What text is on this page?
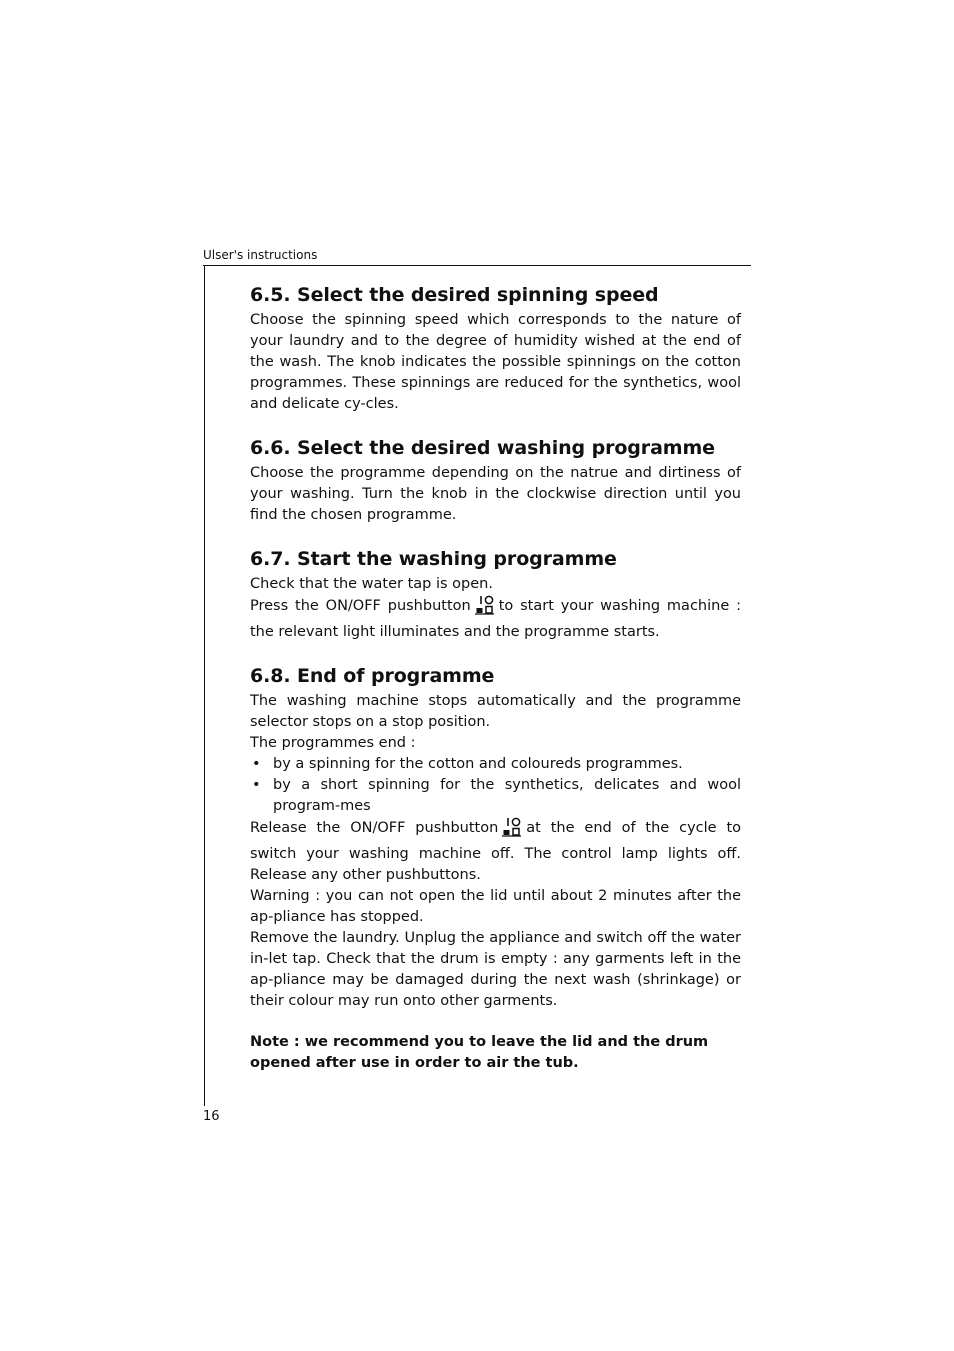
Ulser's instructions
6.5. Select the desired spinning speed

Choose the spinning speed which corresponds to the nature of your laundry and to the degree of humidity wished at the end of the wash. The knob indicates the possible spinnings on the cotton programmes. These spinnings are reduced for the synthetics, wool and delicate cy-cles.

6.6. Select the desired washing programme

Choose the programme depending on the natrue and dirtiness of your washing. Turn the knob in the clockwise direction until you find the chosen programme.

6.7. Start the washing programme

Check that the water tap is open.

Press the ON/OFF pushbutton to start your washing machine : the relevant light illuminates and the programme starts.

6.8. End of programme

The washing machine stops automatically and the programme selector stops on a stop position.

The programmes end :

• by a spinning for the cotton and coloureds programmes.
• by a short spinning for the synthetics, delicates and wool program-mes

Release the ON/OFF pushbutton at the end of the cycle to switch your washing machine off. The control lamp lights off. Release any other pushbuttons.

Warning : you can not open the lid until about 2 minutes after the ap-pliance has stopped.

Remove the laundry. Unplug the appliance and switch off the water in-let tap. Check that the drum is empty : any garments left in the ap-pliance may be damaged during the next wash (shrinkage) or their colour may run onto other garments.

Note : we recommend you to leave the lid and the drum opened after use in order to air the tub.

16
